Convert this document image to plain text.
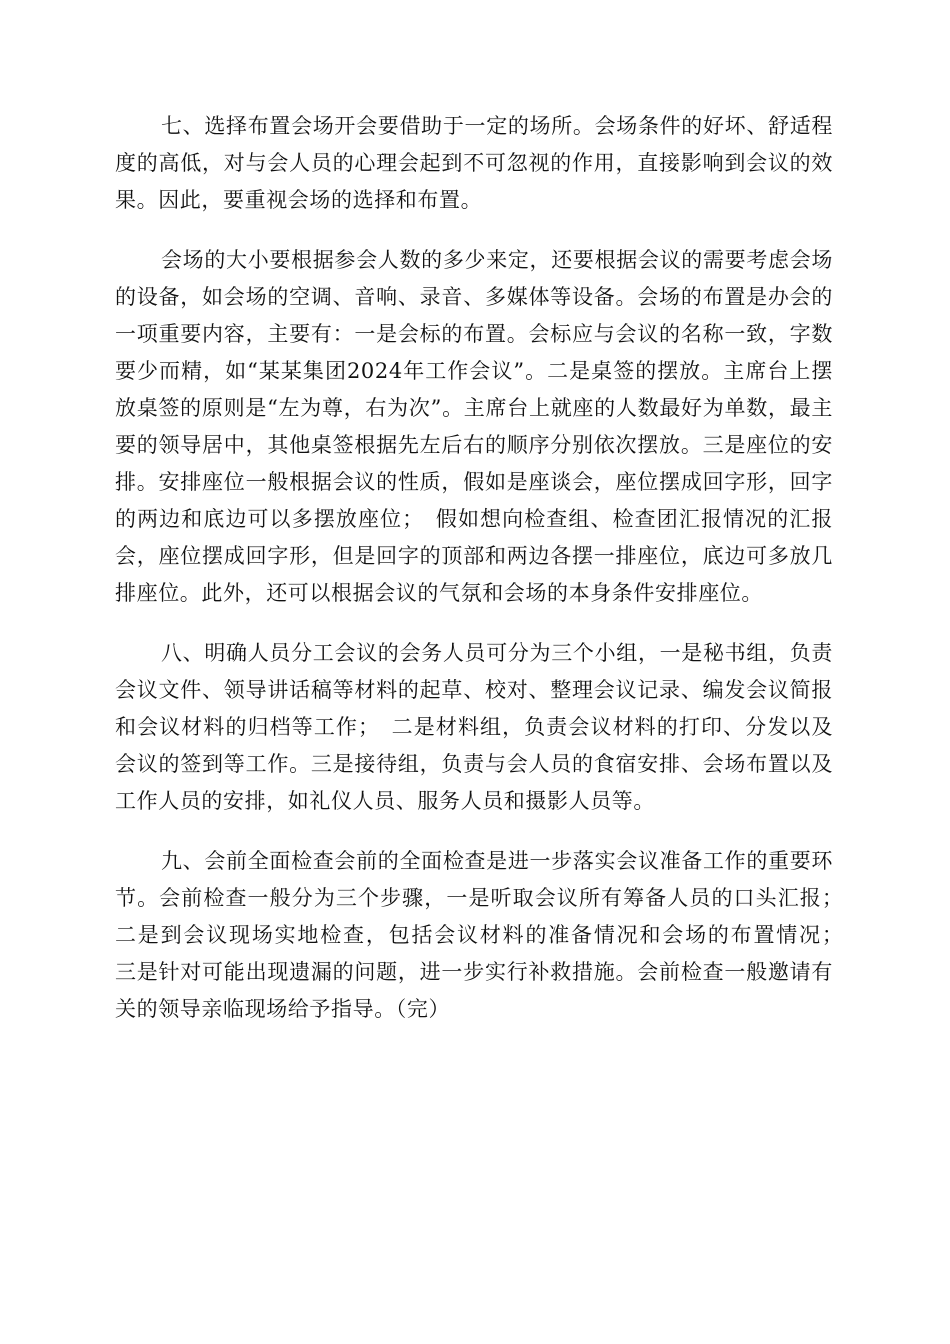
七、选择布置会场开会要借助于一定的场所。会场条件的好坏、舒适程度的高低，对与会人员的心理会起到不可忽视的作用，直接影响到会议的效果。因此，要重视会场的选择和布置。

会场的大小要根据参会人数的多少来定，还要根据会议的需要考虑会场的设备，如会场的空调、音响、录音、多媒体等设备。会场的布置是办会的一项重要内容，主要有：一是会标的布置。会标应与会议的名称一致，字数要少而精，如“某某集团2024年工作会议”。二是桌签的摆放。主席台上摆放桌签的原则是“左为尊，右为次”。主席台上就座的人数最好为单数，最主要的领导居中，其他桌签根据先左后右的顺序分别依次摆放。三是座位的安排。安排座位一般根据会议的性质，假如是座谈会，座位摆成回字形，回字的两边和底边可以多摆放座位；　假如想向检查组、检查团汇报情况的汇报会，座位摆成回字形，但是回字的顶部和两边各摆一排座位，底边可多放几排座位。此外，还可以根据会议的气氛和会场的本身条件安排座位。

八、明确人员分工会议的会务人员可分为三个小组，一是秘书组，负责会议文件、领导讲话稿等材料的起草、校对、整理会议记录、编发会议简报和会议材料的归档等工作；　二是材料组，负责会议材料的打印、分发以及会议的签到等工作。三是接待组，负责与会人员的食宿安排、会场布置以及工作人员的安排，如礼仪人员、服务人员和摄影人员等。

九、会前全面检查会前的全面检查是进一步落实会议准备工作的重要环节。会前检查一般分为三个步骤，一是听取会议所有筹备人员的口头汇报；　二是到会议现场实地检查，包括会议材料的准备情况和会场的布置情况；　三是针对可能出现遗漏的问题，进一步实行补救措施。会前检查一般邀请有关的领导亲临现场给予指导。（完）
